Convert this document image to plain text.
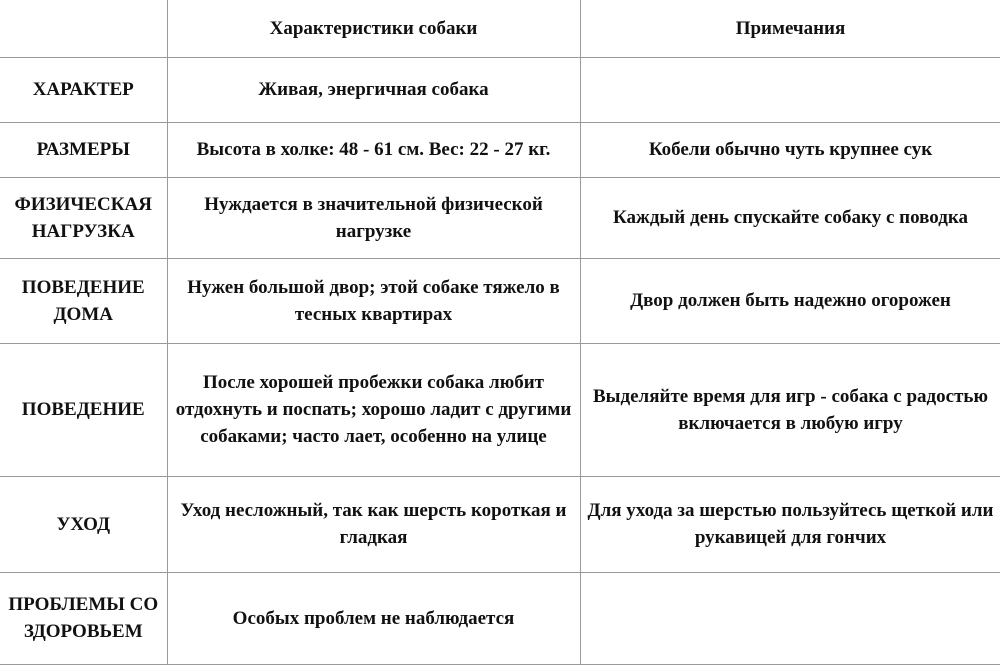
	Характеристики собаки	Примечания
ХАРАКТЕР	Живая, энергичная собака	
РАЗМЕРЫ	Высота в холке: 48 - 61 см. Вес: 22 - 27 кг.	Кобели обычно чуть крупнее сук
ФИЗИЧЕСКАЯ НАГРУЗКА	Нуждается в значительной физической нагрузке	Каждый день спускайте собаку с поводка
ПОВЕДЕНИЕ ДОМА	Нужен большой двор; этой собаке тяжело в тесных квартирах	Двор должен быть надежно огорожен
ПОВЕДЕНИЕ	После хорошей пробежки собака любит отдохнуть и поспать; хорошо ладит с другими собаками; часто лает, особенно на улице	Выделяйте время для игр - собака с радостью включается в любую игру
УХОД	Уход несложный, так как шерсть короткая и гладкая	Для ухода за шерстью пользуйтесь щеткой или рукавицей для гончих
ПРОБЛЕМЫ СО ЗДОРОВЬЕМ	Особых проблем не наблюдается	
